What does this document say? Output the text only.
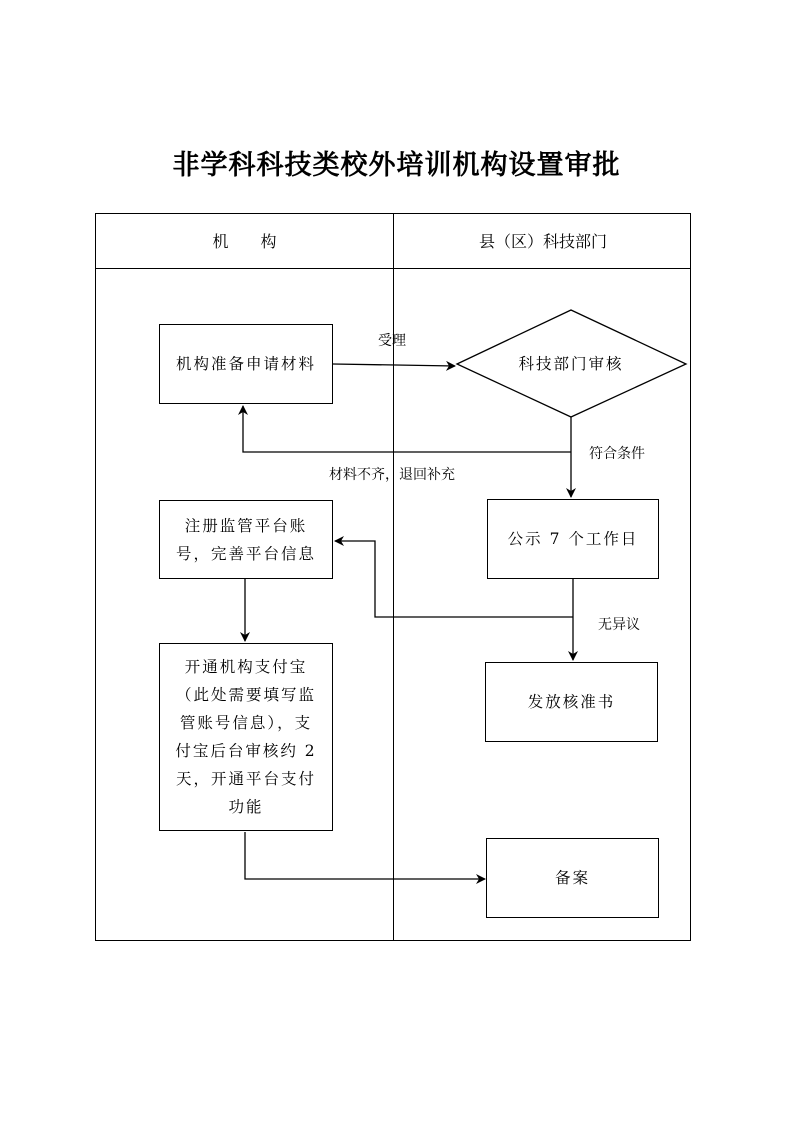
非学科科技类校外培训机构设置审批
机　　构	县（区）科技部门
机构准备申请材料	科技部门审核
注册监管平台账
号，完善平台信息
公示 7 个工作日
开通机构支付宝
（此处需要填写监
管账号信息），支
付宝后台审核约 2
天，开通平台支付
功能
发放核准书
备案
受理
符合条件
材料不齐，退回补充
无异议
